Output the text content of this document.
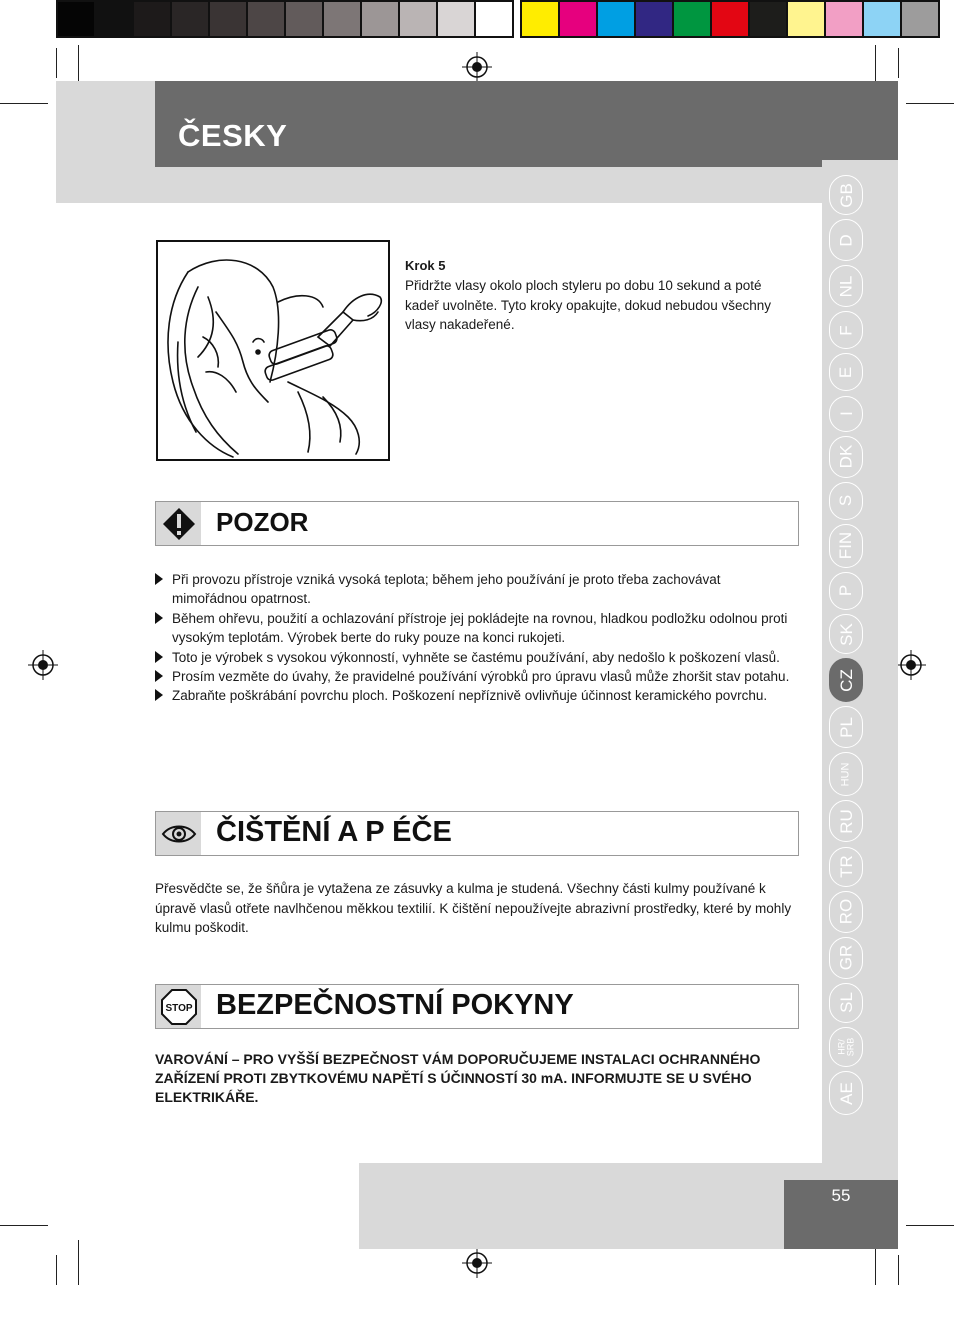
ČESKY
55
GB
D
NL
F
E
I
DK
S
FIN
P
SK
CZ
PL
HUN
RU
TR
RO
GR
SL
HR/
SRB
AE
Krok 5
Přidržte vlasy okolo ploch styleru po dobu 10 sekund a poté kadeř uvolněte. Tyto kroky opakujte, dokud nebudou všechny vlasy nakadeřené.
POZOR
Při provozu přístroje vzniká vysoká teplota; během jeho používání je proto třeba zachovávat mimořádnou opatrnost.
Během ohřevu, použití a ochlazování přístroje jej pokládejte na rovnou, hladkou podložku odolnou proti vysokým teplotám. Výrobek berte do ruky pouze na konci rukojeti.
Toto je výrobek s vysokou výkonností, vyhněte se častému používání, aby nedošlo k poškození vlasů.
Prosím vezměte do úvahy, že pravidelné používání výrobků pro úpravu vlasů může zhoršit stav potahu.
Zabraňte poškrábání povrchu ploch. Poškození nepříznivě ovlivňuje účinnost keramického povrchu.
ČIŠTĚNÍ A P ÉČE
Přesvědčte se, že šňůra je vytažena ze zásuvky a kulma je studená. Všechny části kulmy používané k úpravě vlasů otřete navlhčenou měkkou textilií. K čištění nepoužívejte abrazivní prostředky, které by mohly kulmu poškodit.
STOP BEZPEČNOSTNÍ POKYNY
VAROVÁNÍ – PRO VYŠŠÍ BEZPEČNOST VÁM DOPORUČUJEME INSTALACI OCHRANNÉHO ZAŘÍZENÍ PROTI ZBYTKOVÉMU NAPĚTÍ S ÚČINNOSTÍ 30 mA. INFORMUJTE SE U SVÉHO ELEKTRIKÁŘE.
